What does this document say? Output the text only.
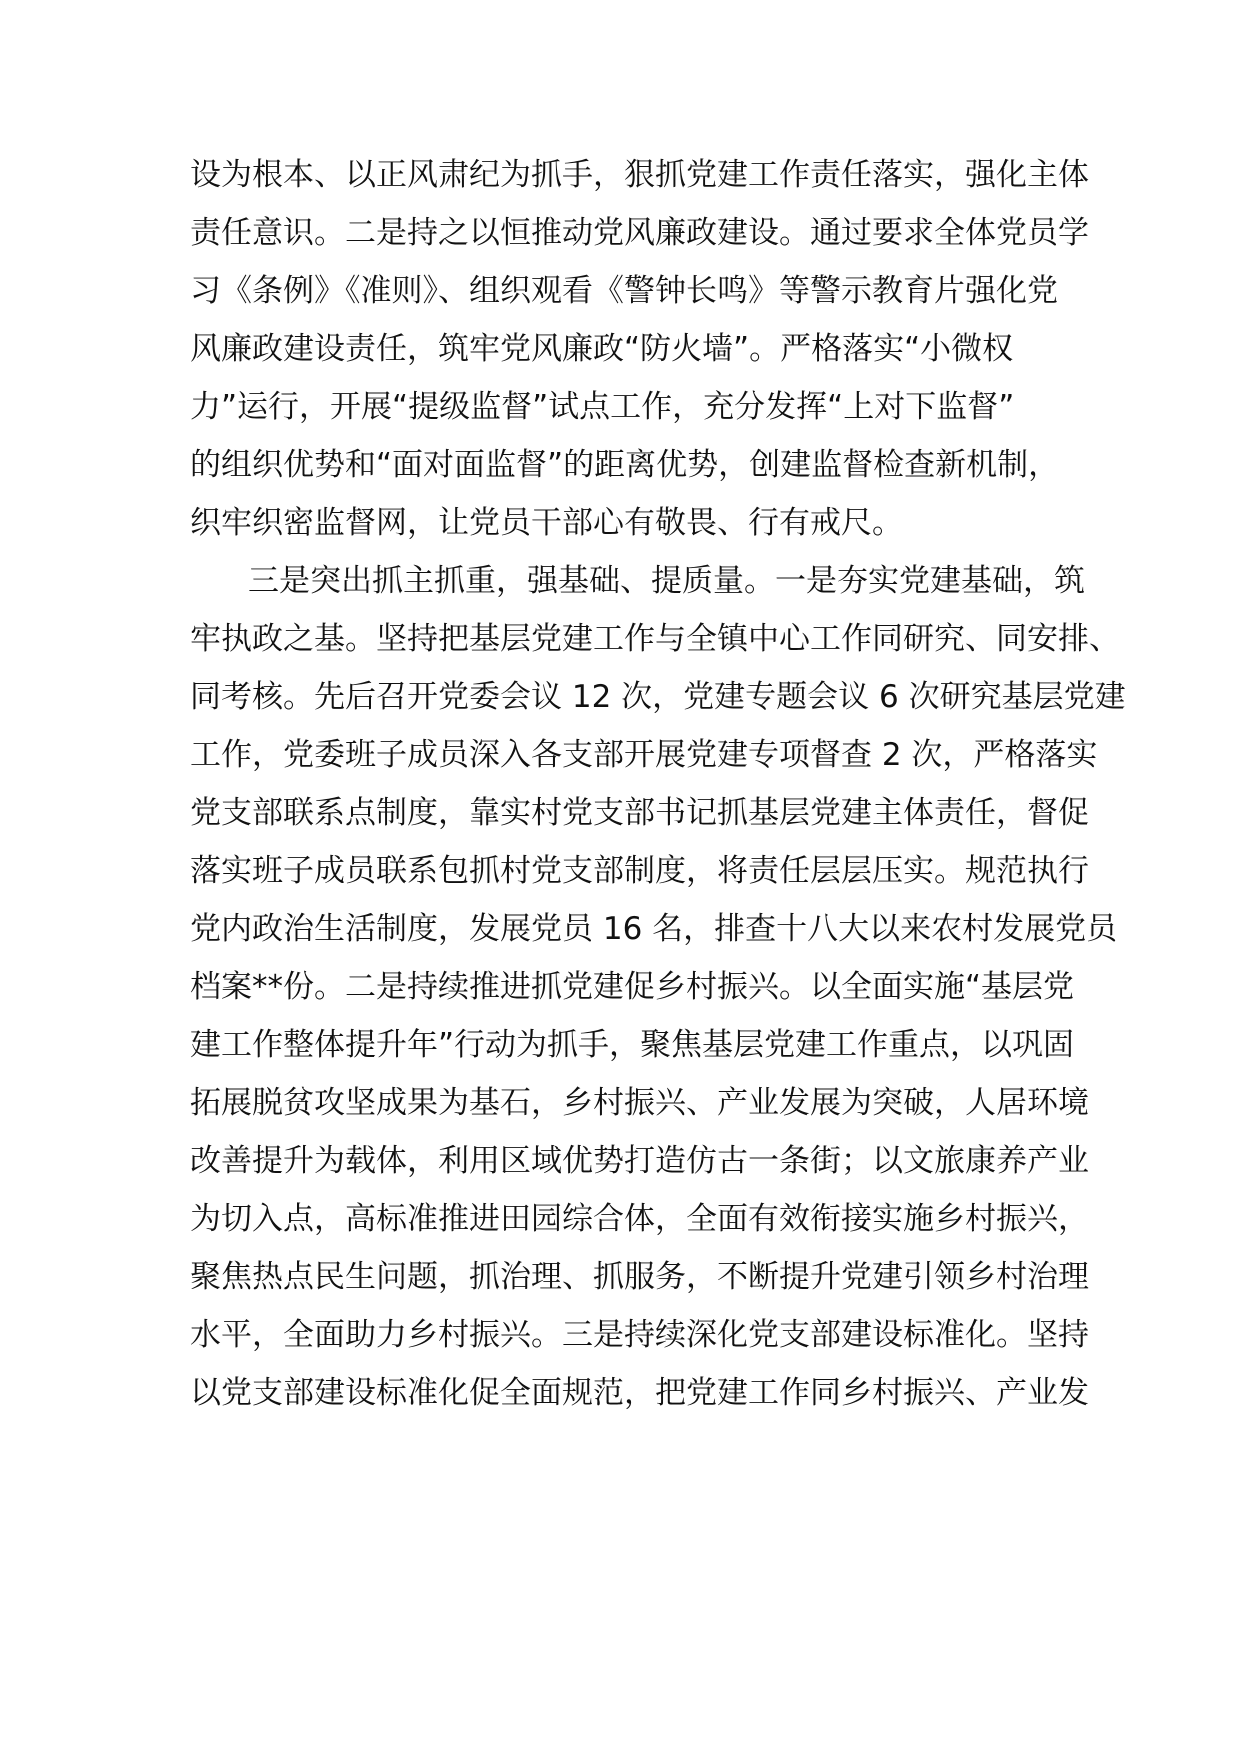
设为根本、以正风肃纪为抓手，狠抓党建工作责任落实，强化主体
责任意识。二是持之以恒推动党风廉政建设。通过要求全体党员学
习《条例》《准则》、组织观看《警钟长鸣》等警示教育片强化党
风廉政建设责任，筑牢党风廉政“防火墙”。严格落实“小微权
力”运行，开展“提级监督”试点工作，充分发挥“上对下监督”
的组织优势和“面对面监督”的距离优势，创建监督检查新机制，
织牢织密监督网，让党员干部心有敬畏、行有戒尺。
三是突出抓主抓重，强基础、提质量。一是夯实党建基础，筑
牢执政之基。坚持把基层党建工作与全镇中心工作同研究、同安排、
同考核。先后召开党委会议 12 次，党建专题会议 6 次研究基层党建
工作，党委班子成员深入各支部开展党建专项督查 2 次，严格落实
党支部联系点制度，靠实村党支部书记抓基层党建主体责任，督促
落实班子成员联系包抓村党支部制度，将责任层层压实。规范执行
党内政治生活制度，发展党员 16 名，排查十八大以来农村发展党员
档案**份。二是持续推进抓党建促乡村振兴。以全面实施“基层党
建工作整体提升年”行动为抓手，聚焦基层党建工作重点，以巩固
拓展脱贫攻坚成果为基石，乡村振兴、产业发展为突破，人居环境
改善提升为载体，利用区域优势打造仿古一条街；以文旅康养产业
为切入点，高标准推进田园综合体，全面有效衔接实施乡村振兴，
聚焦热点民生问题，抓治理、抓服务，不断提升党建引领乡村治理
水平，全面助力乡村振兴。三是持续深化党支部建设标准化。坚持
以党支部建设标准化促全面规范，把党建工作同乡村振兴、产业发
